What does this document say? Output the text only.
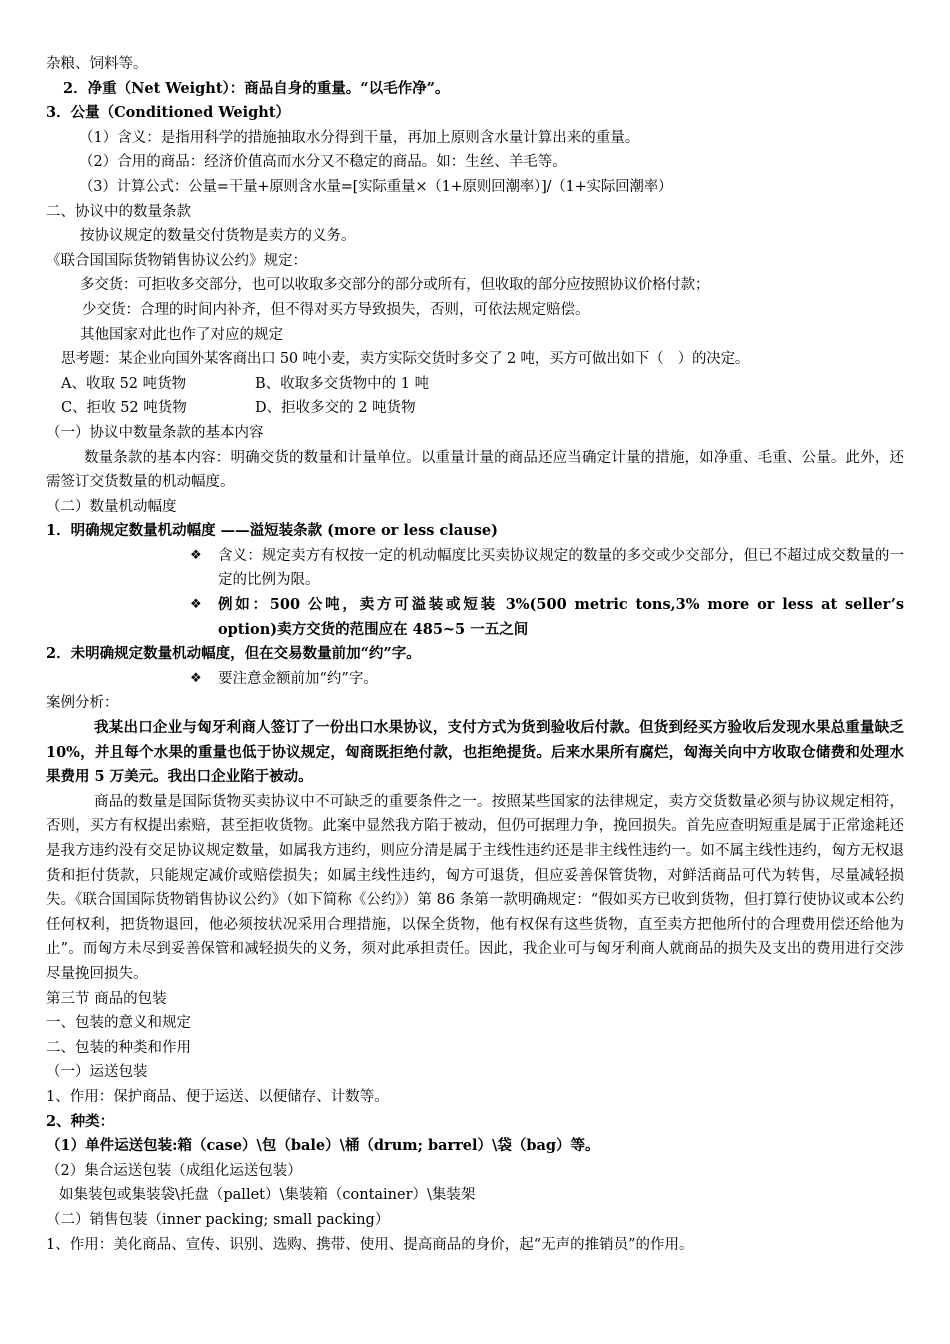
杂粮、饲料等。
2．净重（Net Weight）：商品自身的重量。“以毛作净”。
3．公量（Conditioned Weight）
（1）含义：是指用科学的措施抽取水分得到干量，再加上原则含水量计算出来的重量。
（2）合用的商品：经济价值高而水分又不稳定的商品。如：生丝、羊毛等。
（3）计算公式：公量=干量+原则含水量=[实际重量×（1+原则回潮率）]/（1+实际回潮率）
二、协议中的数量条款
按协议规定的数量交付货物是卖方的义务。
《联合国国际货物销售协议公约》规定：
多交货：可拒收多交部分，也可以收取多交部分的部分或所有，但收取的部分应按照协议价格付款；
少交货：合理的时间内补齐，但不得对买方导致损失，否则，可依法规定赔偿。
其他国家对此也作了对应的规定
思考题：某企业向国外某客商出口 50 吨小麦，卖方实际交货时多交了 2 吨，买方可做出如下（　）的决定。
A、收取 52 吨货物	B、收取多交货物中的 1 吨
C、拒收 52 吨货物	D、拒收多交的 2 吨货物
（一）协议中数量条款的基本内容
数量条款的基本内容：明确交货的数量和计量单位。以重量计量的商品还应当确定计量的措施，如净重、毛重、公量。此外，还需签订交货数量的机动幅度。
（二）数量机动幅度
1．明确规定数量机动幅度 ——溢短装条款 (more or less clause)
❖ 含义：规定卖方有权按一定的机动幅度比买卖协议规定的数量的多交或少交部分，但已不超过成交数量的一定的比例为限。
❖ 例如：500 公吨，卖方可溢装或短装 3%(500 metric tons,3% more or less at seller’s option)卖方交货的范围应在 485~5 一五之间
2．未明确规定数量机动幅度，但在交易数量前加“约”字。
❖ 要注意金额前加“约”字。
案例分析：
我某出口企业与匈牙利商人签订了一份出口水果协议，支付方式为货到验收后付款。但货到经买方验收后发现水果总重量缺乏 10%，并且每个水果的重量也低于协议规定，匈商既拒绝付款，也拒绝提货。后来水果所有腐烂，匈海关向中方收取仓储费和处理水果费用 5 万美元。我出口企业陷于被动。
商品的数量是国际货物买卖协议中不可缺乏的重要条件之一。按照某些国家的法律规定，卖方交货数量必须与协议规定相符，否则，买方有权提出索赔，甚至拒收货物。此案中显然我方陷于被动，但仍可据理力争，挽回损失。首先应查明短重是属于正常途耗还是我方违约没有交足协议规定数量，如属我方违约，则应分清是属于主线性违约还是非主线性违约一。如不属主线性违约，匈方无权退货和拒付货款，只能规定减价或赔偿损失；如属主线性违约，匈方可退货，但应妥善保管货物，对鲜活商品可代为转售，尽量减轻损失。《联合国国际货物销售协议公约》（如下简称《公约》）第 86 条第一款明确规定：“假如买方已收到货物，但打算行使协议或本公约任何权利，把货物退回，他必须按状况采用合理措施，以保全货物，他有权保有这些货物，直至卖方把他所付的合理费用偿还给他为止”。而匈方未尽到妥善保管和减轻损失的义务，须对此承担责任。因此，我企业可与匈牙利商人就商品的损失及支出的费用进行交涉尽量挽回损失。
第三节 商品的包装
一、包装的意义和规定
二、包装的种类和作用
（一）运送包装
1、作用：保护商品、便于运送、以便储存、计数等。
2、种类：
（1）单件运送包装:箱（case）\包（bale）\桶（drum; barrel）\袋（bag）等。
（2）集合运送包装（成组化运送包装）
如集装包或集装袋\托盘（pallet）\集装箱（container）\集装架
（二）销售包装（inner packing; small packing）
1、作用：美化商品、宣传、识别、选购、携带、使用、提高商品的身价，起“无声的推销员”的作用。
